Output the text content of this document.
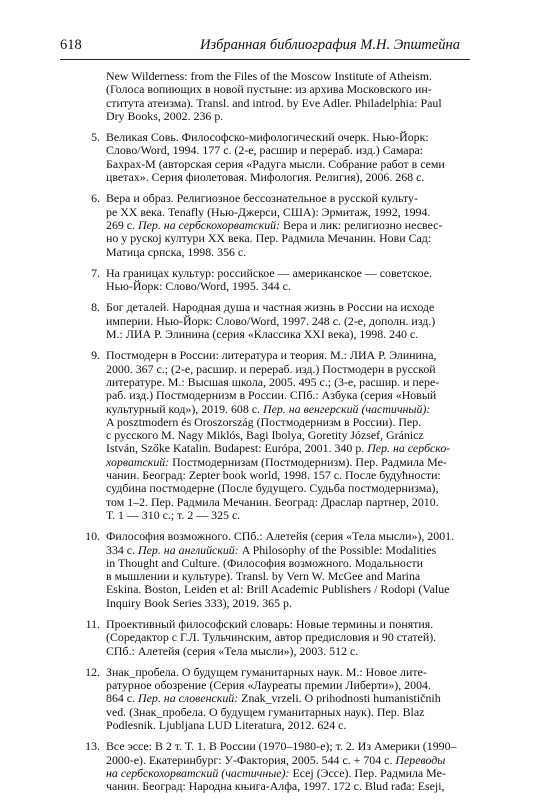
618	Избранная библиография М.Н. Эпштейна
New Wilderness: from the Files of the Moscow Institute of Atheism.
(Голоса вопиющих в новой пустыне: из архива Московского ин-
ститута атеизма). Transl. and introd. by Eve Adler. Philadelphia: Paul
Dry Books, 2002. 236 p.
5. Великая Совь. Философско-мифологический очерк. Нью-Йорк:
Слово/Word, 1994. 177 с. (2-е, расшир и перераб. изд.) Самара:
Бахрах-М (авторская серия «Радуга мысли. Собрание работ в семи
цветах». Серия фиолетовая. Мифология. Религия), 2006. 268 с.
6. Вера и образ. Религиозное бессознательное в русской культу-
ре XX века. Tenafly (Нью-Джерси, США): Эрмитаж, 1992, 1994.
269 с. Пер. на сербскохорватский: Вера и лик: религиозно несвес-
но у руској култури XX века. Пер. Радмила Мечанин. Нови Сад:
Матица српска, 1998. 356 с.
7. На границах культур: российское — американское — советское.
Нью-Йорк: Слово/Word, 1995. 344 с.
8. Бог деталей. Народная душа и частная жизнь в России на исходе
империи. Нью-Йорк: Слово/Word, 1997. 248 с. (2-е, дополн. изд.)
М.: ЛИА Р. Элинина (серия «Классика XXI века), 1998. 240 с.
9. Постмодерн в России: литература и теория. М.: ЛИА Р. Элинина,
2000. 367 с.; (2-е, расшир. и перераб. изд.) Постмодерн в русской
литературе. М.: Высшая школа, 2005. 495 с.; (3-е, расшир. и пере-
раб. изд.) Постмодернизм в России. СПб.: Азбука (серия «Новый
культурный код»), 2019. 608 с. Пер. на венгерский (частичный):
A posztmodern és Oroszország (Постмодернизм в России). Пер.
с русского M. Nagy Miklós, Bagi Ibolya, Goretity József, Gránicz
István, Szőke Katalin. Budapest: Európa, 2001. 340 p. Пер. на сербско-
хорватский: Постмодернизам (Постмодернизм). Пер. Радмила Ме-
чанин. Београд: Zepter book world, 1998. 157 с. После будућности:
судбина постмодерне (После будущего. Судьба постмодернизма),
том 1–2. Пер. Радмила Мечанин. Београд: Драслар партнер, 2010.
Т. 1 — 310 с.; т. 2 — 325 с.
10. Философия возможного. СПб.: Алетейя (серия «Тела мысли»), 2001.
334 с. Пер. на английский: A Philosophy of the Possible: Modalities
in Thought and Culture. (Философия возможного. Модальности
в мышлении и культуре). Transl. by Vern W. McGee and Marina
Eskina. Boston, Leiden et al: Brill Academic Publishers / Rodopi (Value
Inquiry Book Series 333), 2019. 365 p.
11. Проективный философский словарь: Новые термины и понятия.
(Соредактор с Г.Л. Тульчинским, автор предисловия и 90 статей).
СПб.: Алетейя (серия «Тела мысли»), 2003. 512 с.
12. Знак_пробела. О будущем гуманитарных наук. М.: Новое лите-
ратурное обозрение (Серия «Лауреаты премии Либерти»), 2004.
864 с. Пер. на словенский: Znak_vrzeli. O prihodnosti humanističnih
ved. (Знак_пробела. О будущем гуманитарных наук). Пер. Blaz
Podlesnik. Ljubljana LUD Literatura, 2012. 624 с.
13. Все эссе: В 2 т. Т. 1. В России (1970–1980-е); т. 2. Из Америки (1990–
2000-е). Екатеринбург: У-Фактория, 2005. 544 с. + 704 с. Переводы
на сербскохорватский (частичные): Есеј (Эссе). Пер. Радмила Ме-
чанин. Београд: Народна књига-Алфа, 1997. 172 с. Blud rađa: Eseji,
